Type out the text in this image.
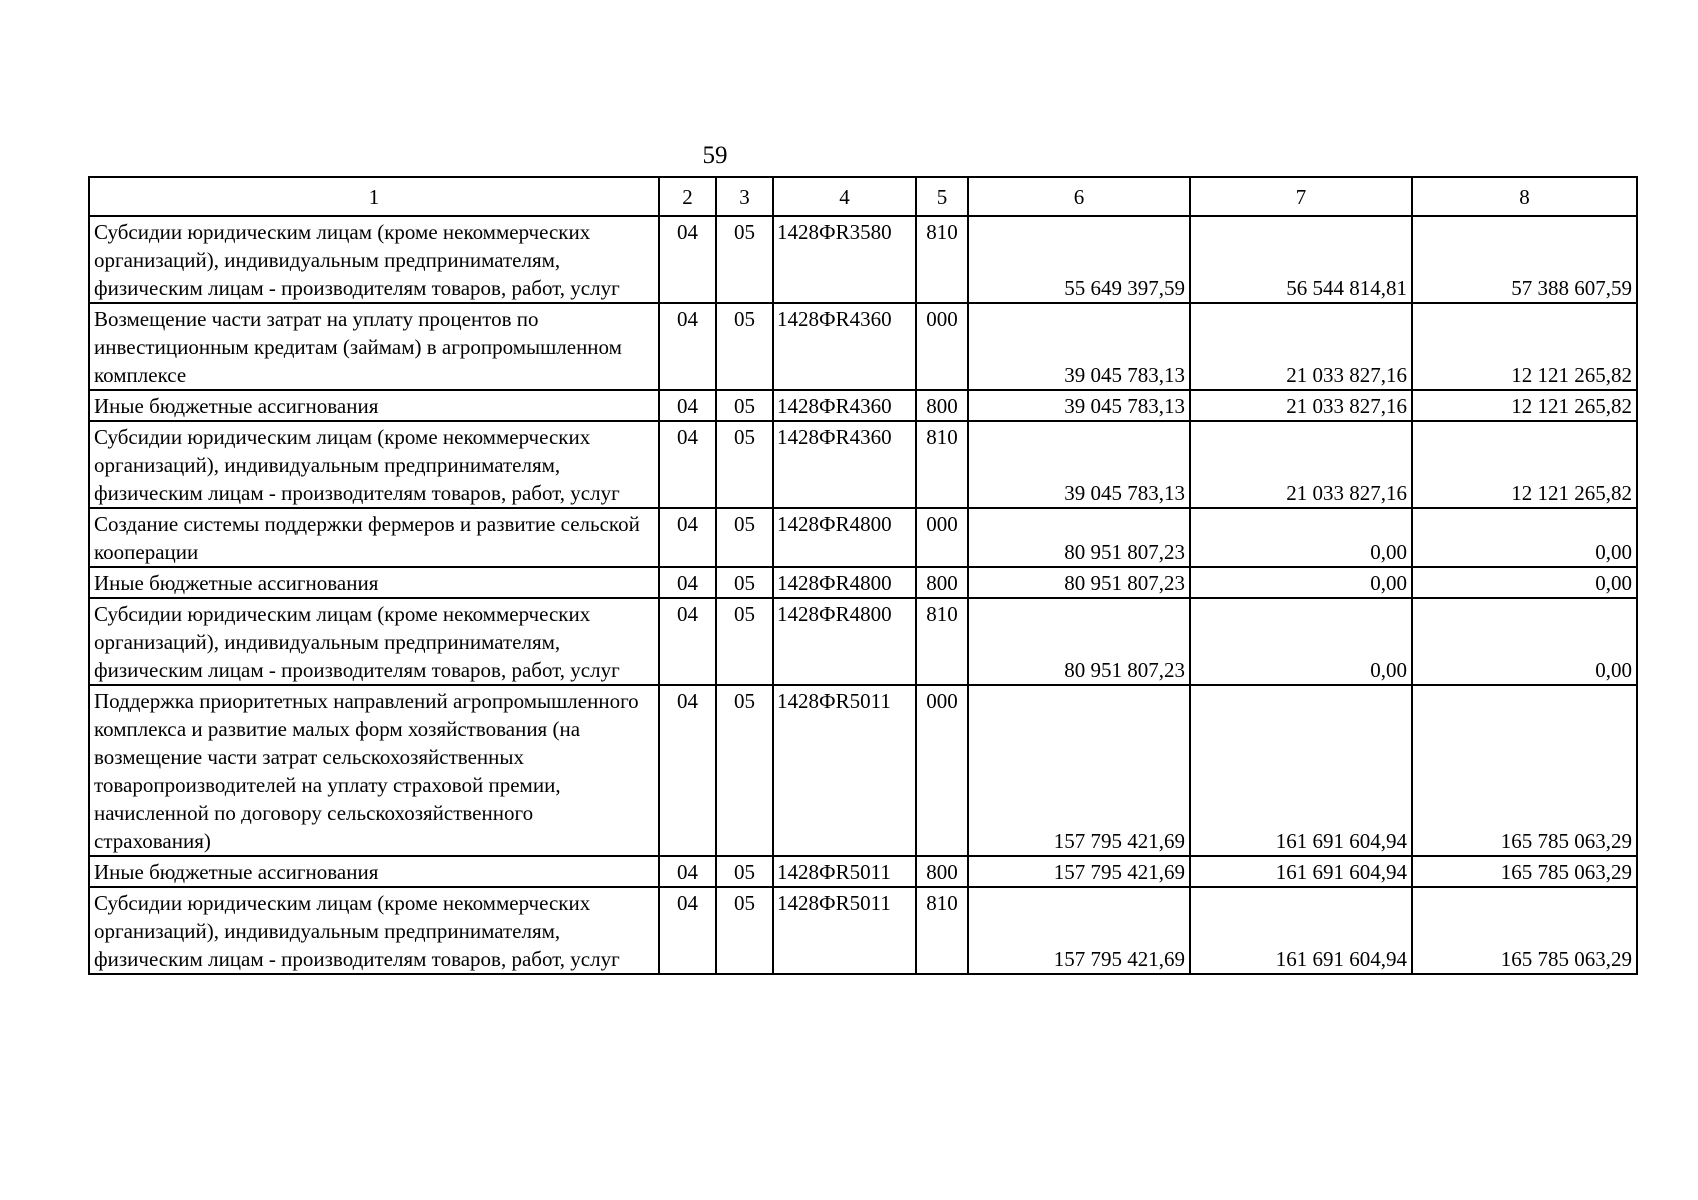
59
1	2	3	4	5	6	7	8
Субсидии юридическим лицам (кроме некоммерческих организаций), индивидуальным предпринимателям, физическим лицам - производителям товаров, работ, услуг	04	05	1428ФR3580	810	55 649 397,59	56 544 814,81	57 388 607,59
Возмещение части затрат на уплату процентов по инвестиционным кредитам (займам) в агропромышленном комплексе	04	05	1428ФR4360	000	39 045 783,13	21 033 827,16	12 121 265,82
Иные бюджетные ассигнования	04	05	1428ФR4360	800	39 045 783,13	21 033 827,16	12 121 265,82
Субсидии юридическим лицам (кроме некоммерческих организаций), индивидуальным предпринимателям, физическим лицам - производителям товаров, работ, услуг	04	05	1428ФR4360	810	39 045 783,13	21 033 827,16	12 121 265,82
Создание системы поддержки фермеров и развитие сельской кооперации	04	05	1428ФR4800	000	80 951 807,23	0,00	0,00
Иные бюджетные ассигнования	04	05	1428ФR4800	800	80 951 807,23	0,00	0,00
Субсидии юридическим лицам (кроме некоммерческих организаций), индивидуальным предпринимателям, физическим лицам - производителям товаров, работ, услуг	04	05	1428ФR4800	810	80 951 807,23	0,00	0,00
Поддержка приоритетных направлений агропромышленного комплекса и развитие малых форм хозяйствования (на возмещение части затрат сельскохозяйственных товаропроизводителей на уплату страховой премии, начисленной по договору сельскохозяйственного страхования)	04	05	1428ФR5011	000	157 795 421,69	161 691 604,94	165 785 063,29
Иные бюджетные ассигнования	04	05	1428ФR5011	800	157 795 421,69	161 691 604,94	165 785 063,29
Субсидии юридическим лицам (кроме некоммерческих организаций), индивидуальным предпринимателям, физическим лицам - производителям товаров, работ, услуг	04	05	1428ФR5011	810	157 795 421,69	161 691 604,94	165 785 063,29
